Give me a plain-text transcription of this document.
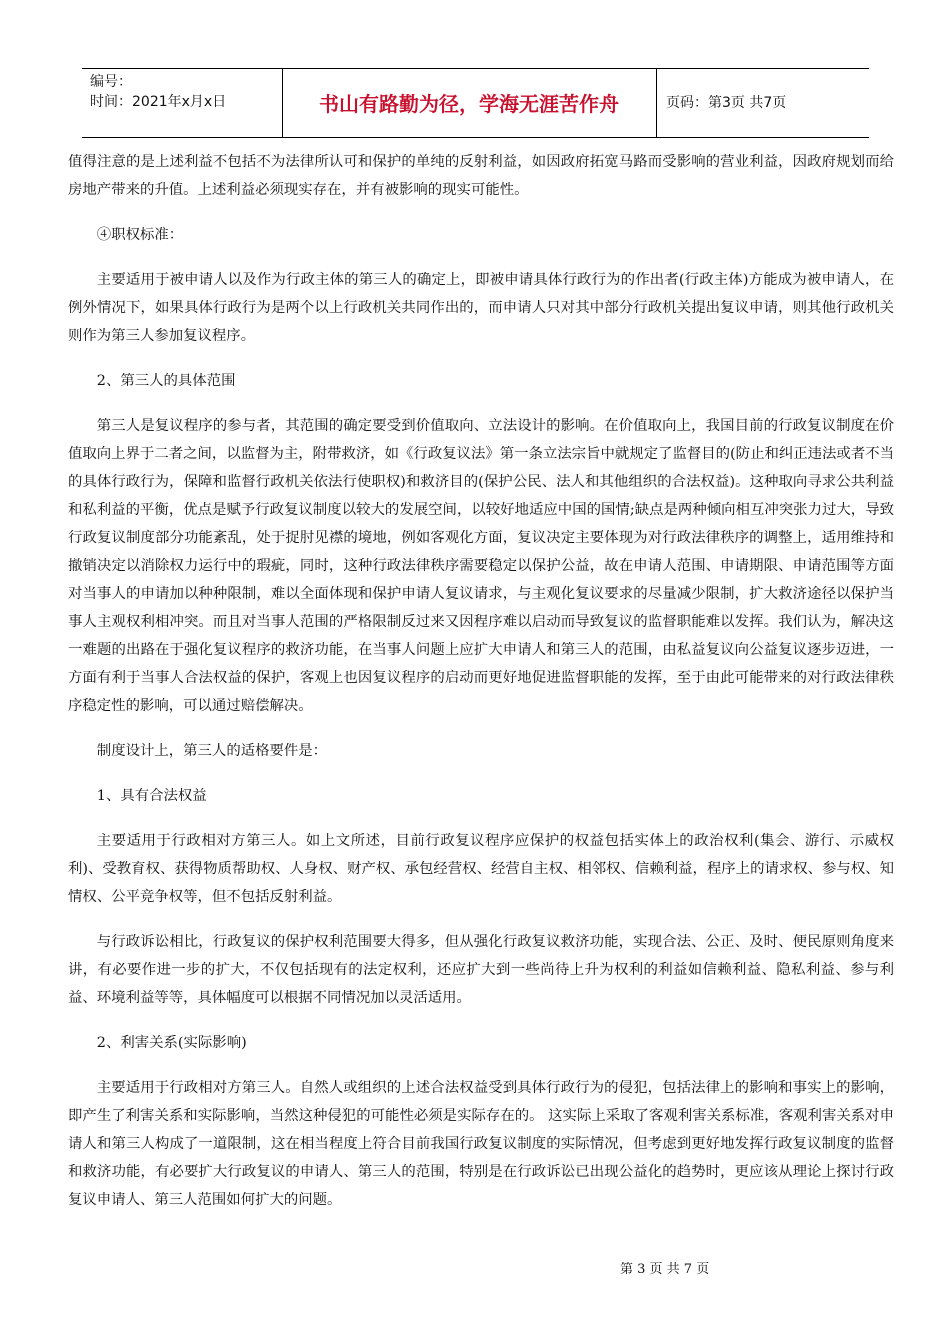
编号：
时间：2021年x月x日	书山有路勤为径，学海无涯苦作舟	页码：第3页 共7页

值得注意的是上述利益不包括不为法律所认可和保护的单纯的反射利益，如因政府拓宽马路而受影响的营业利益，因政府规划而给房地产带来的升值。上述利益必须现实存在，并有被影响的现实可能性。

④职权标准：

主要适用于被申请人以及作为行政主体的第三人的确定上，即被申请具体行政行为的作出者(行政主体)方能成为被申请人，在例外情况下，如果具体行政行为是两个以上行政机关共同作出的，而申请人只对其中部分行政机关提出复议申请，则其他行政机关则作为第三人参加复议程序。

2、第三人的具体范围

第三人是复议程序的参与者，其范围的确定要受到价值取向、立法设计的影响。在价值取向上，我国目前的行政复议制度在价值取向上界于二者之间，以监督为主，附带救济，如《行政复议法》第一条立法宗旨中就规定了监督目的(防止和纠正违法或者不当的具体行政行为，保障和监督行政机关依法行使职权)和救济目的(保护公民、法人和其他组织的合法权益)。这种取向寻求公共利益和私利益的平衡，优点是赋予行政复议制度以较大的发展空间，以较好地适应中国的国情;缺点是两种倾向相互冲突张力过大，导致行政复议制度部分功能紊乱，处于捉肘见襟的境地，例如客观化方面，复议决定主要体现为对行政法律秩序的调整上，适用维持和撤销决定以消除权力运行中的瑕疵，同时，这种行政法律秩序需要稳定以保护公益，故在申请人范围、申请期限、申请范围等方面对当事人的申请加以种种限制，难以全面体现和保护申请人复议请求，与主观化复议要求的尽量减少限制，扩大救济途径以保护当事人主观权利相冲突。而且对当事人范围的严格限制反过来又因程序难以启动而导致复议的监督职能难以发挥。我们认为，解决这一难题的出路在于强化复议程序的救济功能，在当事人问题上应扩大申请人和第三人的范围，由私益复议向公益复议逐步迈进，一方面有利于当事人合法权益的保护，客观上也因复议程序的启动而更好地促进监督职能的发挥，至于由此可能带来的对行政法律秩序稳定性的影响，可以通过赔偿解决。

制度设计上，第三人的适格要件是：

1、具有合法权益

主要适用于行政相对方第三人。如上文所述，目前行政复议程序应保护的权益包括实体上的政治权利(集会、游行、示威权利)、受教育权、获得物质帮助权、人身权、财产权、承包经营权、经营自主权、相邻权、信赖利益，程序上的请求权、参与权、知情权、公平竞争权等，但不包括反射利益。

与行政诉讼相比，行政复议的保护权利范围要大得多，但从强化行政复议救济功能，实现合法、公正、及时、便民原则角度来讲，有必要作进一步的扩大，不仅包括现有的法定权利，还应扩大到一些尚待上升为权利的利益如信赖利益、隐私利益、参与利益、环境利益等等，具体幅度可以根据不同情况加以灵活适用。

2、利害关系(实际影响)

主要适用于行政相对方第三人。自然人或组织的上述合法权益受到具体行政行为的侵犯，包括法律上的影响和事实上的影响，即产生了利害关系和实际影响，当然这种侵犯的可能性必须是实际存在的。 这实际上采取了客观利害关系标准，客观利害关系对申请人和第三人构成了一道限制，这在相当程度上符合目前我国行政复议制度的实际情况，但考虑到更好地发挥行政复议制度的监督和救济功能，有必要扩大行政复议的申请人、第三人的范围，特别是在行政诉讼已出现公益化的趋势时，更应该从理论上探讨行政复议申请人、第三人范围如何扩大的问题。

第 3 页 共 7 页
